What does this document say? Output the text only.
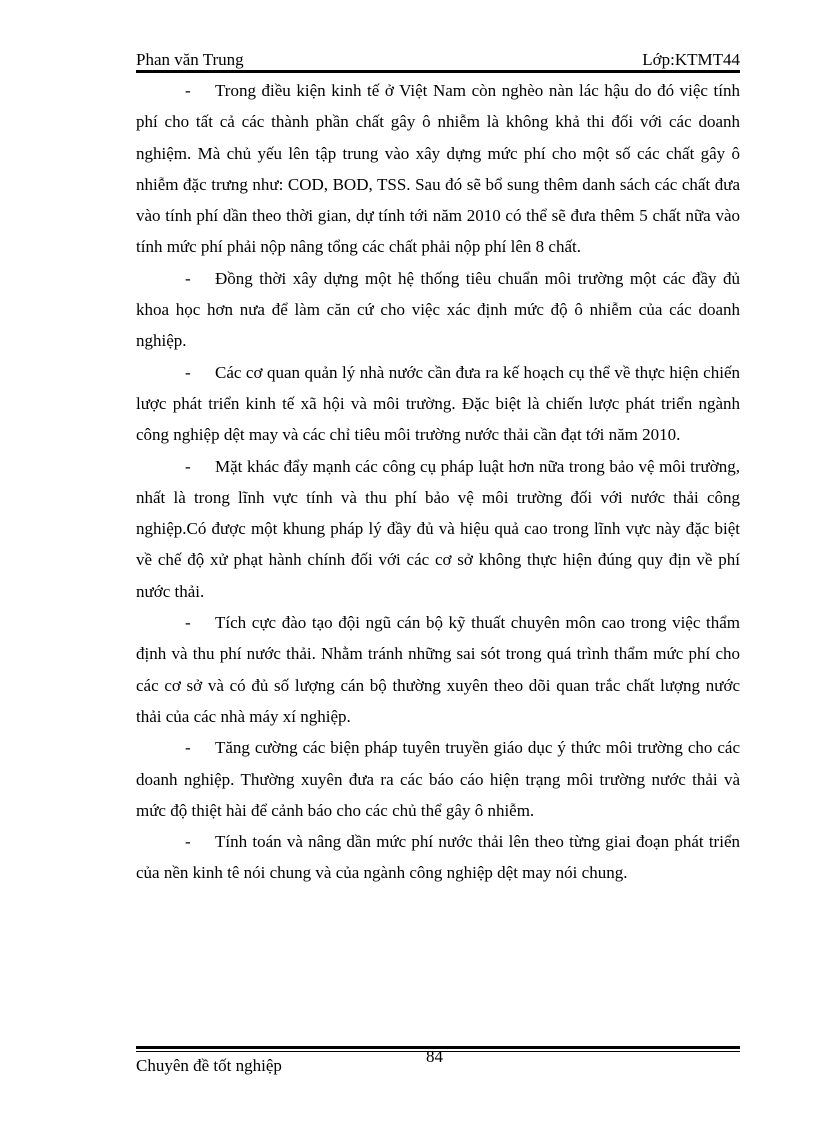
Phan văn Trung	Lớp:KTMT44

- Trong điều kiện kinh tế ở Việt Nam còn nghèo nàn lác hậu do đó việc tính phí cho tất cả các thành phần chất gây ô nhiễm là không khả thi đối với các doanh nghiệm. Mà chủ yếu lên tập trung vào xây dựng mức phí cho một số các chất gây ô nhiễm đặc trưng như: COD, BOD, TSS. Sau đó sẽ bổ sung thêm danh sách các chất đưa vào tính phí dần theo thời gian, dự tính tới năm 2010 có thể sẽ đưa thêm 5 chất nữa vào tính mức phí phải nộp nâng tổng các chất phải nộp phí lên 8 chất.

- Đồng thời xây dựng một hệ thống tiêu chuẩn môi trường một các đầy đủ khoa học hơn nưa để làm căn cứ cho việc xác định mức độ ô nhiễm của các doanh nghiệp.

- Các cơ quan quản lý nhà nước cần đưa ra kế hoạch cụ thể về thực hiện chiến lược phát triển kinh tế xã hội và môi trường. Đặc biệt là chiến lược phát triển ngành công nghiệp dệt may và các chỉ tiêu môi trường nước thải cần đạt tới năm 2010.

- Mặt khác đẩy mạnh các công cụ pháp luật hơn nữa trong bảo vệ môi trường, nhất là trong lĩnh vực tính và thu phí bảo vệ môi trường đối với nước thải công nghiệp.Có được một khung pháp lý đầy đủ và hiệu quả cao trong lĩnh vực này đặc biệt về chế độ xử phạt hành chính đối với các cơ sở không thực hiện đúng quy địn về phí nước thải.

- Tích cực đào tạo đội ngũ cán bộ kỹ thuất chuyên môn cao trong việc thẩm định và thu phí nước thải. Nhằm tránh những sai sót trong quá trình thẩm mức phí cho các cơ sở và có đủ số lượng cán bộ thường xuyên theo dõi quan trắc chất lượng nước thải của các nhà máy xí nghiệp.

- Tăng cường các biện pháp tuyên truyền giáo dục ý thức môi trường cho các doanh nghiệp. Thường xuyên đưa ra các báo cáo hiện trạng môi trường nước thải và mức độ thiệt hài để cảnh báo cho các chủ thể gây ô nhiễm.

- Tính toán và nâng dần mức phí nước thải lên theo từng giai đoạn phát triển của nền kinh tê nói chung và của ngành công nghiệp dệt may nói chung.

84
Chuyên đề tốt nghiệp
